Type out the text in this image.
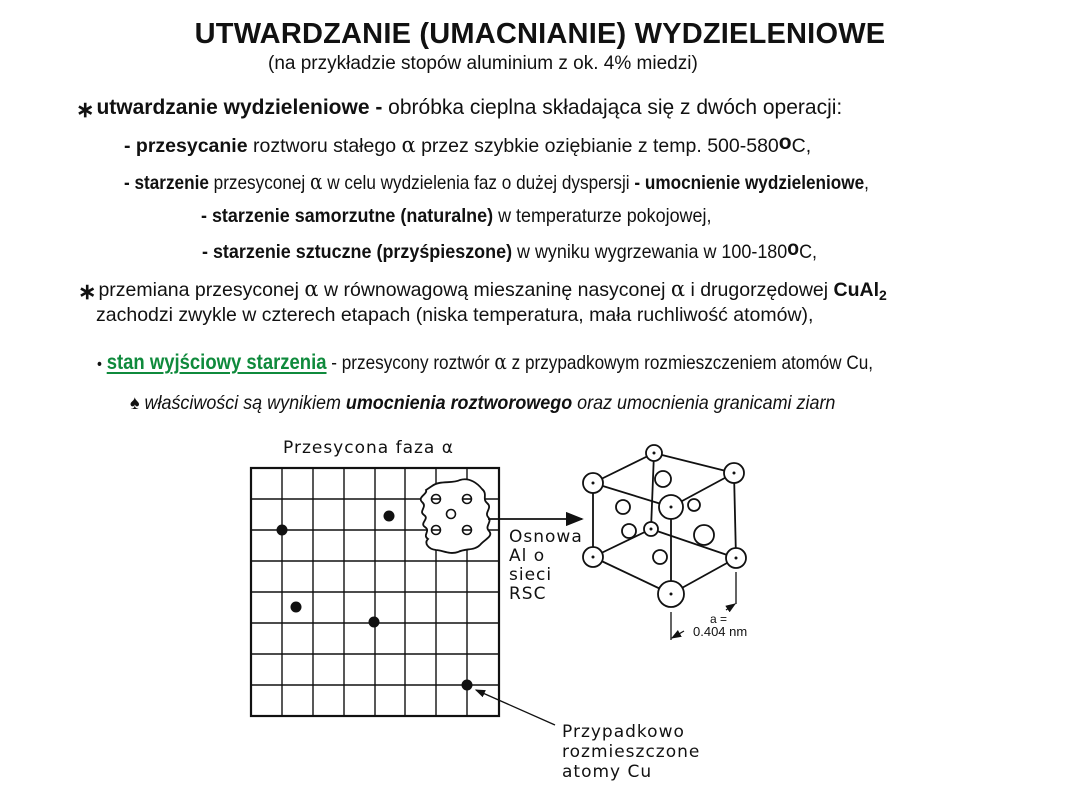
UTWARDZANIE (UMACNIANIE) WYDZIELENIOWE
(na przykładzie stopów aluminium z ok. 4% miedzi)
∗utwardzanie wydzieleniowe - obróbka cieplna składająca się z dwóch operacji:
- przesycanie roztworu stałego α przez szybkie oziębianie z temp. 500-580oC,
- starzenie przesyconej α w celu wydzielenia faz o dużej dyspersji - umocnienie wydzieleniowe,
- starzenie samorzutne (naturalne) w temperaturze pokojowej,
- starzenie sztuczne (przyśpieszone) w wyniku wygrzewania w 100-180oC,
∗ przemiana przesyconej α w równowagową mieszaninę nasyconej α i drugorzędowej CuAl$_2$
zachodzi zwykle w czterech etapach (niska temperatura, mała ruchliwość atomów),
• stan wyjściowy starzenia - przesycony roztwór α z przypadkowym rozmieszczeniem atomów Cu,
♠ właściwości są wynikiem umocnienia roztworowego oraz umocnienia granicami ziarn
Przesycona faza α
Osnowa
Al o
sieci
RSC
a =
0.404 nm
Przypadkowo
rozmieszczone
atomy Cu
